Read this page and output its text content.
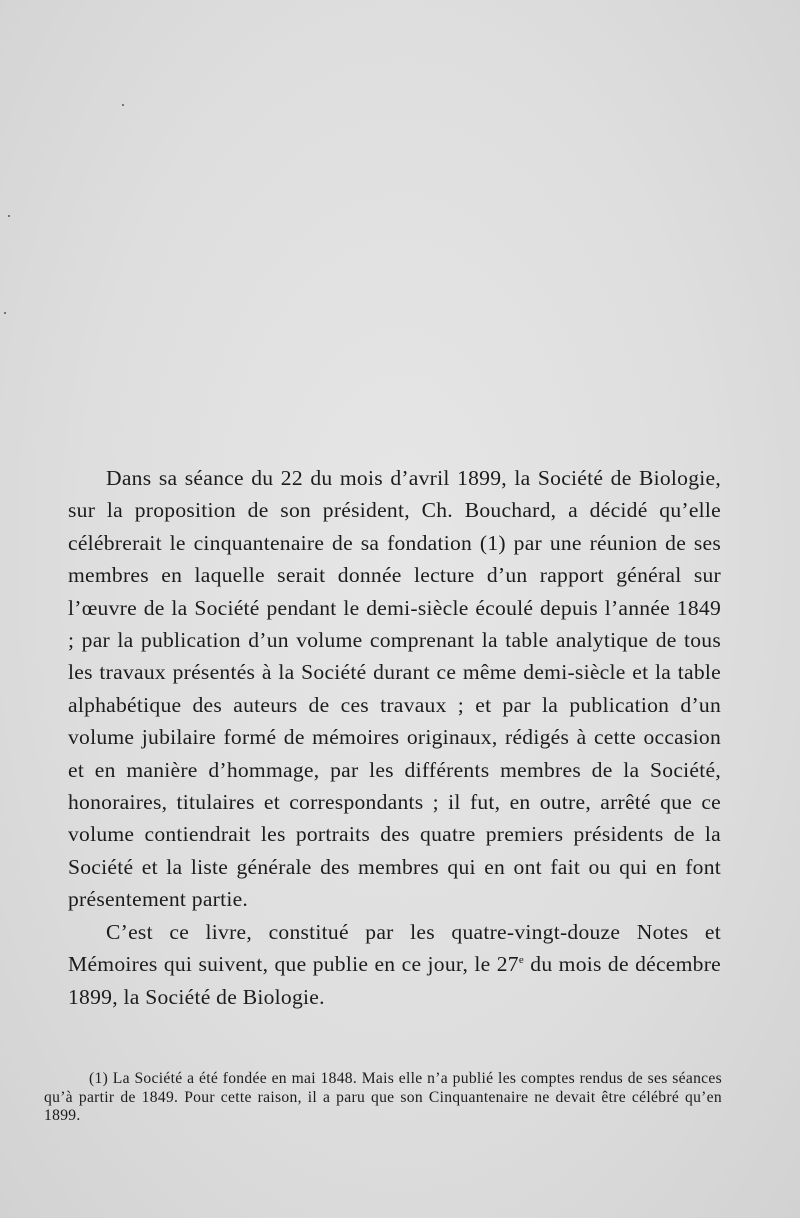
Dans sa séance du 22 du mois d’avril 1899, la Société de Biologie, sur la proposition de son président, Ch. Bouchard, a décidé qu’elle célébrerait le cinquantenaire de sa fondation (1) par une réunion de ses membres en laquelle serait donnée lecture d’un rapport général sur l’œuvre de la Société pendant le demi-siècle écoulé depuis l’année 1849 ; par la publication d’un volume comprenant la table analytique de tous les travaux présentés à la Société durant ce même demi-siècle et la table alphabétique des auteurs de ces travaux ; et par la publication d’un volume jubilaire formé de mémoires originaux, rédigés à cette occasion et en manière d’hommage, par les différents membres de la Société, honoraires, titulaires et correspondants ; il fut, en outre, arrêté que ce volume contiendrait les portraits des quatre premiers présidents de la Société et la liste générale des membres qui en ont fait ou qui en font présentement partie.

C’est ce livre, constitué par les quatre-vingt-douze Notes et Mémoires qui suivent, que publie en ce jour, le 27e du mois de décembre 1899, la Société de Biologie.

(1) La Société a été fondée en mai 1848. Mais elle n’a publié les comptes rendus de ses séances qu’à partir de 1849. Pour cette raison, il a paru que son Cinquantenaire ne devait être célébré qu’en 1899.
